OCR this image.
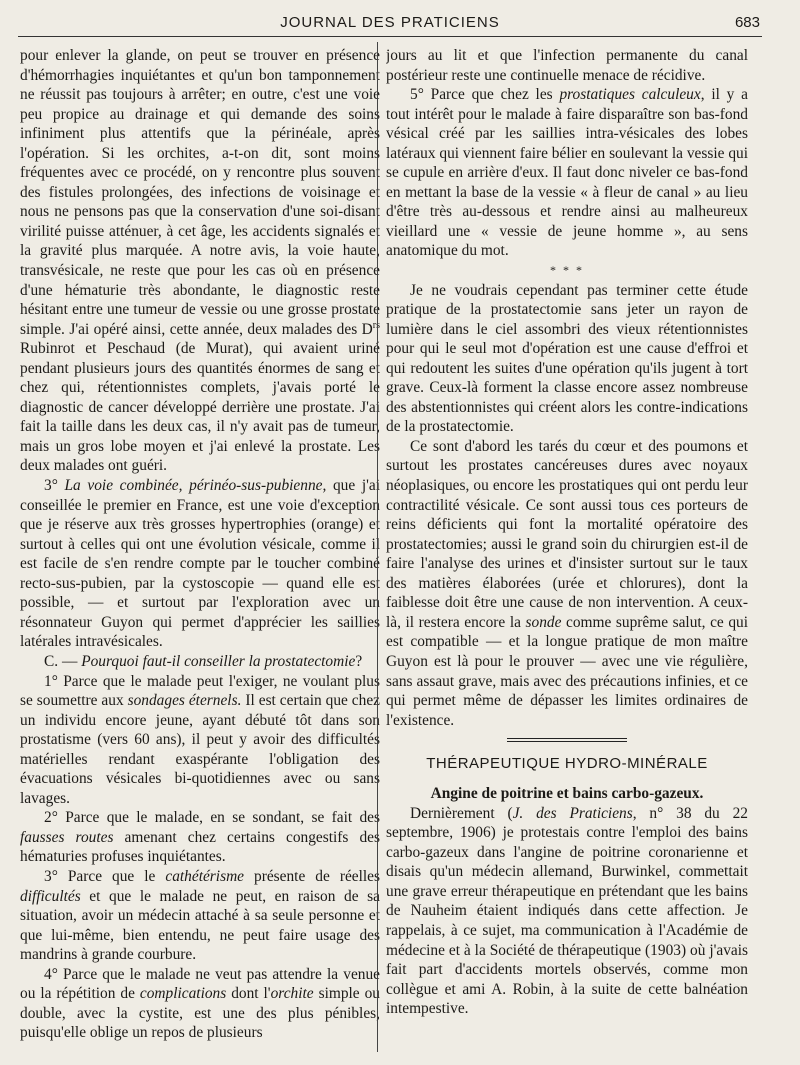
JOURNAL DES PRATICIENS	683

pour enlever la glande, on peut se trouver en présence d'hémorrhagies inquiétantes et qu'un bon tamponnement ne réussit pas toujours à arrêter; en outre, c'est une voie peu propice au drainage et qui demande des soins infiniment plus attentifs que la périnéale, après l'opération. Si les orchites, a-t-on dit, sont moins fréquentes avec ce procédé, on y rencontre plus souvent des fistules prolongées, des infections de voisinage et nous ne pensons pas que la conservation d'une soi-disant virilité puisse atténuer, à cet âge, les accidents signalés et la gravité plus marquée. A notre avis, la voie haute, transvésicale, ne reste que pour les cas où en présence d'une hématurie très abondante, le diagnostic reste hésitant entre une tumeur de vessie ou une grosse prostate simple. J'ai opéré ainsi, cette année, deux malades des $D^{rs}$ Rubinrot et Peschaud (de Murat), qui avaient uriné pendant plusieurs jours des quantités énormes de sang et chez qui, rétentionnistes complets, j'avais porté le diagnostic de cancer développé derrière une prostate. J'ai fait la taille dans les deux cas, il n'y avait pas de tumeur, mais un gros lobe moyen et j'ai enlevé la prostate. Les deux malades ont guéri.

3° La voie combinée, périnéo-sus-pubienne, que j'ai conseillée le premier en France, est une voie d'exception que je réserve aux très grosses hypertrophies (orange) et surtout à celles qui ont une évolution vésicale, comme il est facile de s'en rendre compte par le toucher combiné recto-sus-pubien, par la cystoscopie — quand elle est possible, — et surtout par l'exploration avec un résonnateur Guyon qui permet d'apprécier les saillies latérales intravésicales.

C. — Pourquoi faut-il conseiller la prostatectomie?

1° Parce que le malade peut l'exiger, ne voulant plus se soumettre aux sondages éternels. Il est certain que chez un individu encore jeune, ayant débuté tôt dans son prostatisme (vers 60 ans), il peut y avoir des difficultés matérielles rendant exaspérante l'obligation des évacuations vésicales bi-quotidiennes avec ou sans lavages.

2° Parce que le malade, en se sondant, se fait des fausses routes amenant chez certains congestifs des hématuries profuses inquiétantes.

3° Parce que le cathétérisme présente de réelles difficultés et que le malade ne peut, en raison de sa situation, avoir un médecin attaché à sa seule personne et que lui-même, bien entendu, ne peut faire usage des mandrins à grande courbure.

4° Parce que le malade ne veut pas attendre la venue ou la répétition de complications dont l'orchite simple ou double, avec la cystite, est une des plus pénibles, puisqu'elle oblige un repos de plusieurs

jours au lit et que l'infection permanente du canal postérieur reste une continuelle menace de récidive.

5° Parce que chez les prostatiques calculeux, il y a tout intérêt pour le malade à faire disparaître son bas-fond vésical créé par les saillies intra-vésicales des lobes latéraux qui viennent faire bélier en soulevant la vessie qui se cupule en arrière d'eux. Il faut donc niveler ce bas-fond en mettant la base de la vessie « à fleur de canal » au lieu d'être très au-dessous et rendre ainsi au malheureux vieillard une « vessie de jeune homme », au sens anatomique du mot.

* * *

Je ne voudrais cependant pas terminer cette étude pratique de la prostatectomie sans jeter un rayon de lumière dans le ciel assombri des vieux rétentionnistes pour qui le seul mot d'opération est une cause d'effroi et qui redoutent les suites d'une opération qu'ils jugent à tort grave. Ceux-là forment la classe encore assez nombreuse des abstentionnistes qui créent alors les contre-indications de la prostatectomie.

Ce sont d'abord les tarés du cœur et des poumons et surtout les prostates cancéreuses dures avec noyaux néoplasiques, ou encore les prostatiques qui ont perdu leur contractilité vésicale. Ce sont aussi tous ces porteurs de reins déficients qui font la mortalité opératoire des prostatectomies; aussi le grand soin du chirurgien est-il de faire l'analyse des urines et d'insister surtout sur le taux des matières élaborées (urée et chlorures), dont la faiblesse doit être une cause de non intervention. A ceux-là, il restera encore la sonde comme suprême salut, ce qui est compatible — et la longue pratique de mon maître Guyon est là pour le prouver — avec une vie régulière, sans assaut grave, mais avec des précautions infinies, et ce qui permet même de dépasser les limites ordinaires de l'existence.

THÉRAPEUTIQUE HYDRO-MINÉRALE
Angine de poitrine et bains carbo-gazeux.

Dernièrement (J. des Praticiens, n° 38 du 22 septembre, 1906) je protestais contre l'emploi des bains carbo-gazeux dans l'angine de poitrine coronarienne et disais qu'un médecin allemand, Burwinkel, commettait une grave erreur thérapeutique en prétendant que les bains de Nauheim étaient indiqués dans cette affection. Je rappelais, à ce sujet, ma communication à l'Académie de médecine et à la Société de thérapeutique (1903) où j'avais fait part d'accidents mortels observés, comme mon collègue et ami A. Robin, à la suite de cette balnéation intempestive.
